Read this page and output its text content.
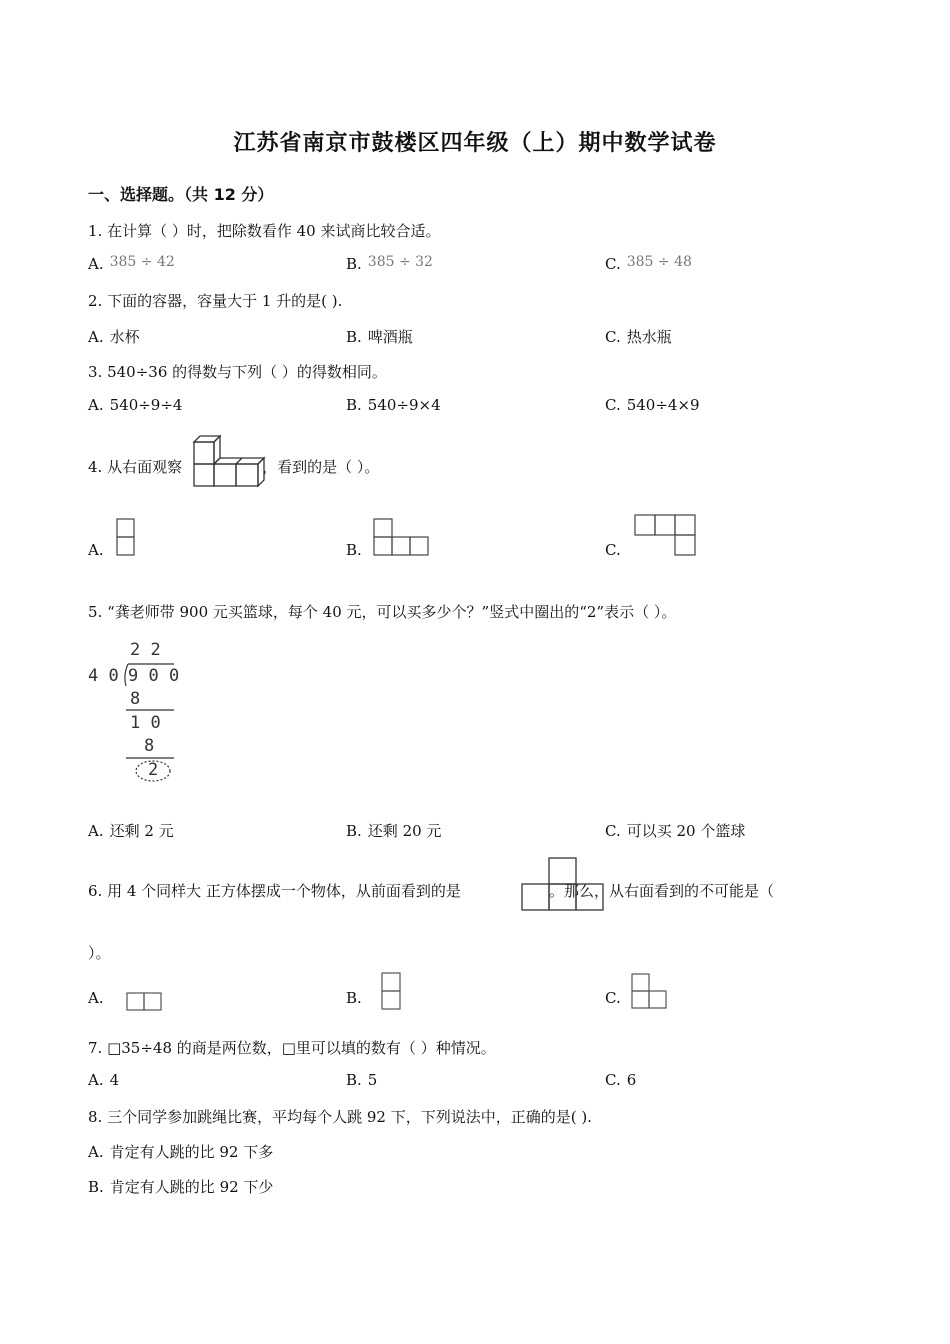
江苏省南京市鼓楼区四年级（上）期中数学试卷
一、选择题。（共 12 分）
1. 在计算（ ）时，把除数看作 40 来试商比较合适。
A. 385 ÷ 42	B. 385 ÷ 32	C. 385 ÷ 48
2. 下面的容器，容量大于 1 升的是( ).
A. 水杯	B. 啤酒瓶	C. 热水瓶
3. 540÷36 的得数与下列（ ）的得数相同。
A. 540÷9÷4	B. 540÷9×4	C. 540÷4×9
4. 从右面观察	，看到的是（ ）。
A.	B.	C.
5. “龚老师带 900 元买篮球，每个 40 元，可以买多少个？”竖式中圈出的“2”表示（ ）。
2 2
4 0 9 0 0
8
1 0
8
2
A. 还剩 2 元	B. 还剩 20 元	C. 可以买 20 个篮球
6. 用 4 个同样大 正方体摆成一个物体，从前面看到的是	。那么，从右面看到的不可能是（
）。
A.	B.	C.
7. □35÷48 的商是两位数，□里可以填的数有（ ）种情况。
A. 4	B. 5	C. 6
8. 三个同学参加跳绳比赛，平均每个人跳 92 下，下列说法中，正确的是( ).
A. 肯定有人跳的比 92 下多
B. 肯定有人跳的比 92 下少
